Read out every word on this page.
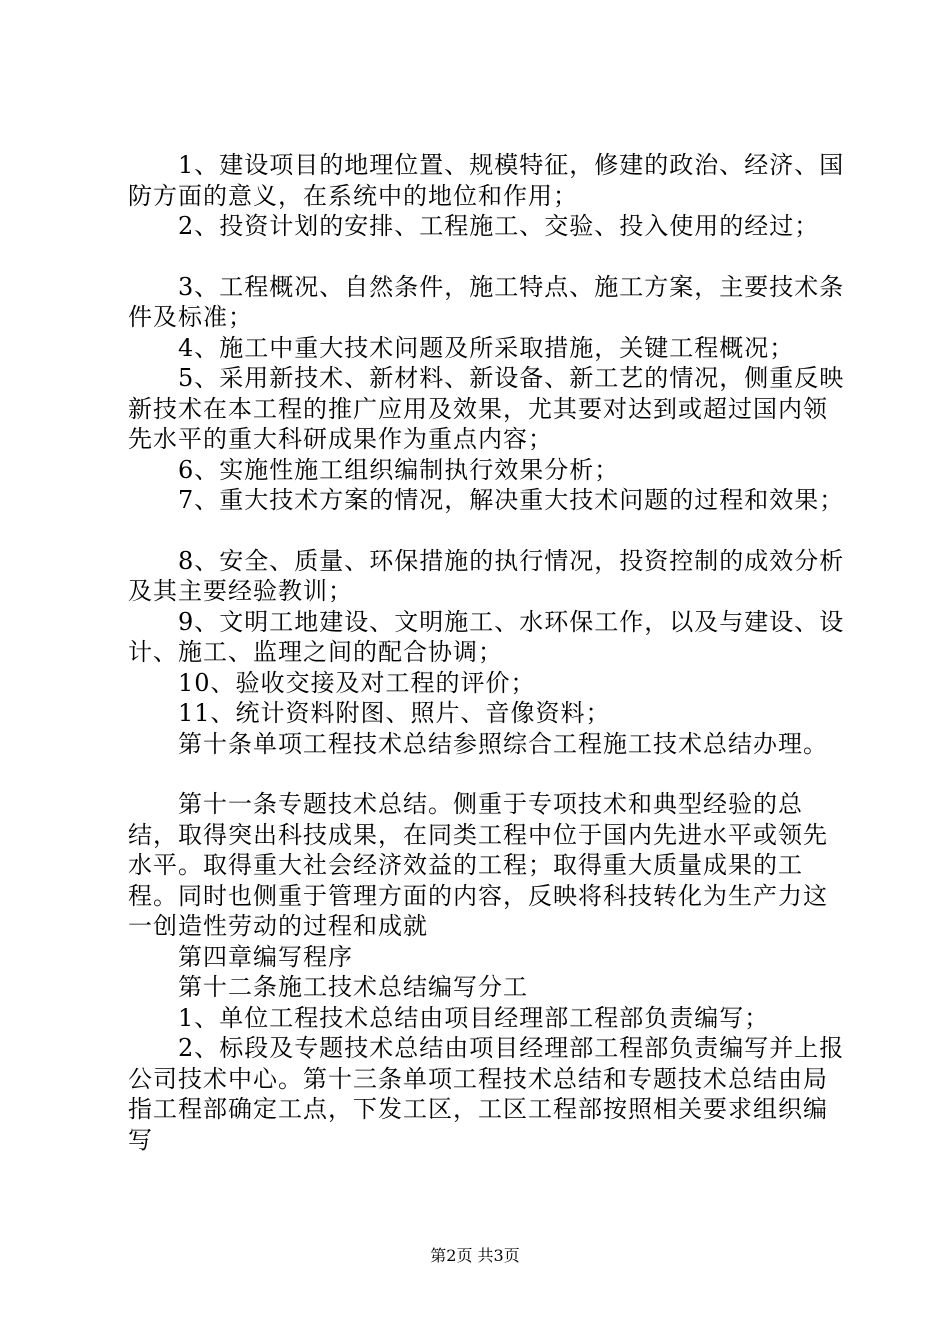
1、建设项目的地理位置、规模特征，修建的政治、经济、国防方面的意义，在系统中的地位和作用；

2、投资计划的安排、工程施工、交验、投入使用的经过；

3、工程概况、自然条件，施工特点、施工方案，主要技术条件及标准；

4、施工中重大技术问题及所采取措施，关键工程概况；

5、采用新技术、新材料、新设备、新工艺的情况，侧重反映新技术在本工程的推广应用及效果，尤其要对达到或超过国内领先水平的重大科研成果作为重点内容；

6、实施性施工组织编制执行效果分析；

7、重大技术方案的情况，解决重大技术问题的过程和效果；

8、安全、质量、环保措施的执行情况，投资控制的成效分析及其主要经验教训；

9、文明工地建设、文明施工、水环保工作，以及与建设、设计、施工、监理之间的配合协调；

10、验收交接及对工程的评价；

11、统计资料附图、照片、音像资料；

第十条单项工程技术总结参照综合工程施工技术总结办理。

第十一条专题技术总结。侧重于专项技术和典型经验的总结，取得突出科技成果，在同类工程中位于国内先进水平或领先水平。取得重大社会经济效益的工程；取得重大质量成果的工程。同时也侧重于管理方面的内容，反映将科技转化为生产力这一创造性劳动的过程和成就

第四章编写程序

第十二条施工技术总结编写分工

1、单位工程技术总结由项目经理部工程部负责编写；

2、标段及专题技术总结由项目经理部工程部负责编写并上报公司技术中心。第十三条单项工程技术总结和专题技术总结由局指工程部确定工点，下发工区，工区工程部按照相关要求组织编写

第2页 共3页
